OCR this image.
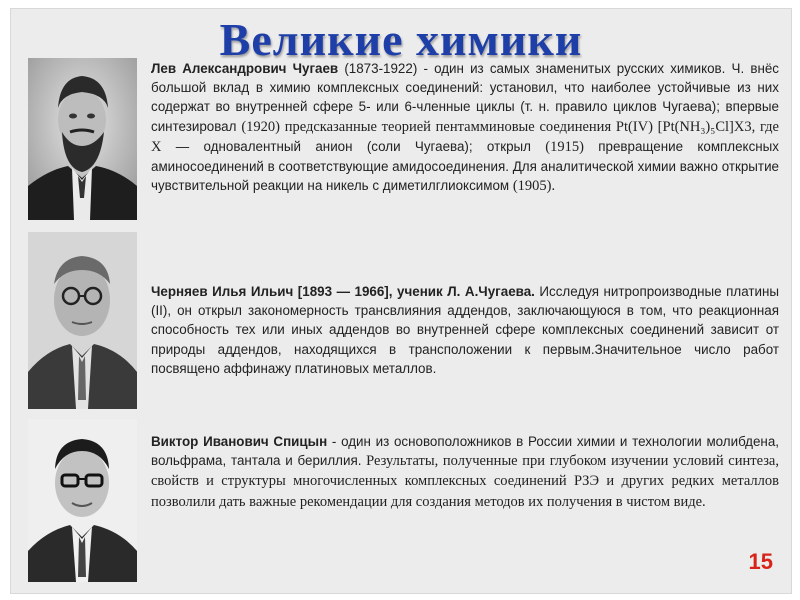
Великие химики

Лев Александрович Чугаев (1873-1922) - один из самых знаменитых русских химиков. Ч. внёс большой вклад в химию комплексных соединений: установил, что наиболее устойчивые из них содержат во внутренней сфере 5- или 6-членные циклы (т. н. правило циклов Чугаева); впервые синтезировал (1920) предсказанные теорией пентамминовые соединения Pt(IV) [Pt(NH₃)₅Cl]X3, где X — одновалентный анион (соли Чугаева); открыл (1915) превращение комплексных аминосоединений в соответствующие амидосоединения. Для аналитической химии важно открытие чувствительной реакции на никель с диметилглиоксимом (1905).

Черняев Илья Ильич [1893 — 1966], ученик Л. А.Чугаева. Исследуя нитропроизводные платины (II), он открыл закономерность трансвлияния аддендов, заключающуюся в том, что реакционная способность тех или иных аддендов во внутренней сфере комплексных соединений зависит от природы аддендов, находящихся в трансположении к первым.Значительное число работ посвящено аффинажу платиновых металлов.

Виктор Иванович Спицын - один из основоположников в России химии и технологии молибдена, вольфрама, тантала и бериллия. Результаты, полученные при глубоком изучении условий синтеза, свойств и структуры многочисленных комплексных соединений РЗЭ и других редких металлов позволили дать важные рекомендации для создания методов их получения в чистом виде.

15
